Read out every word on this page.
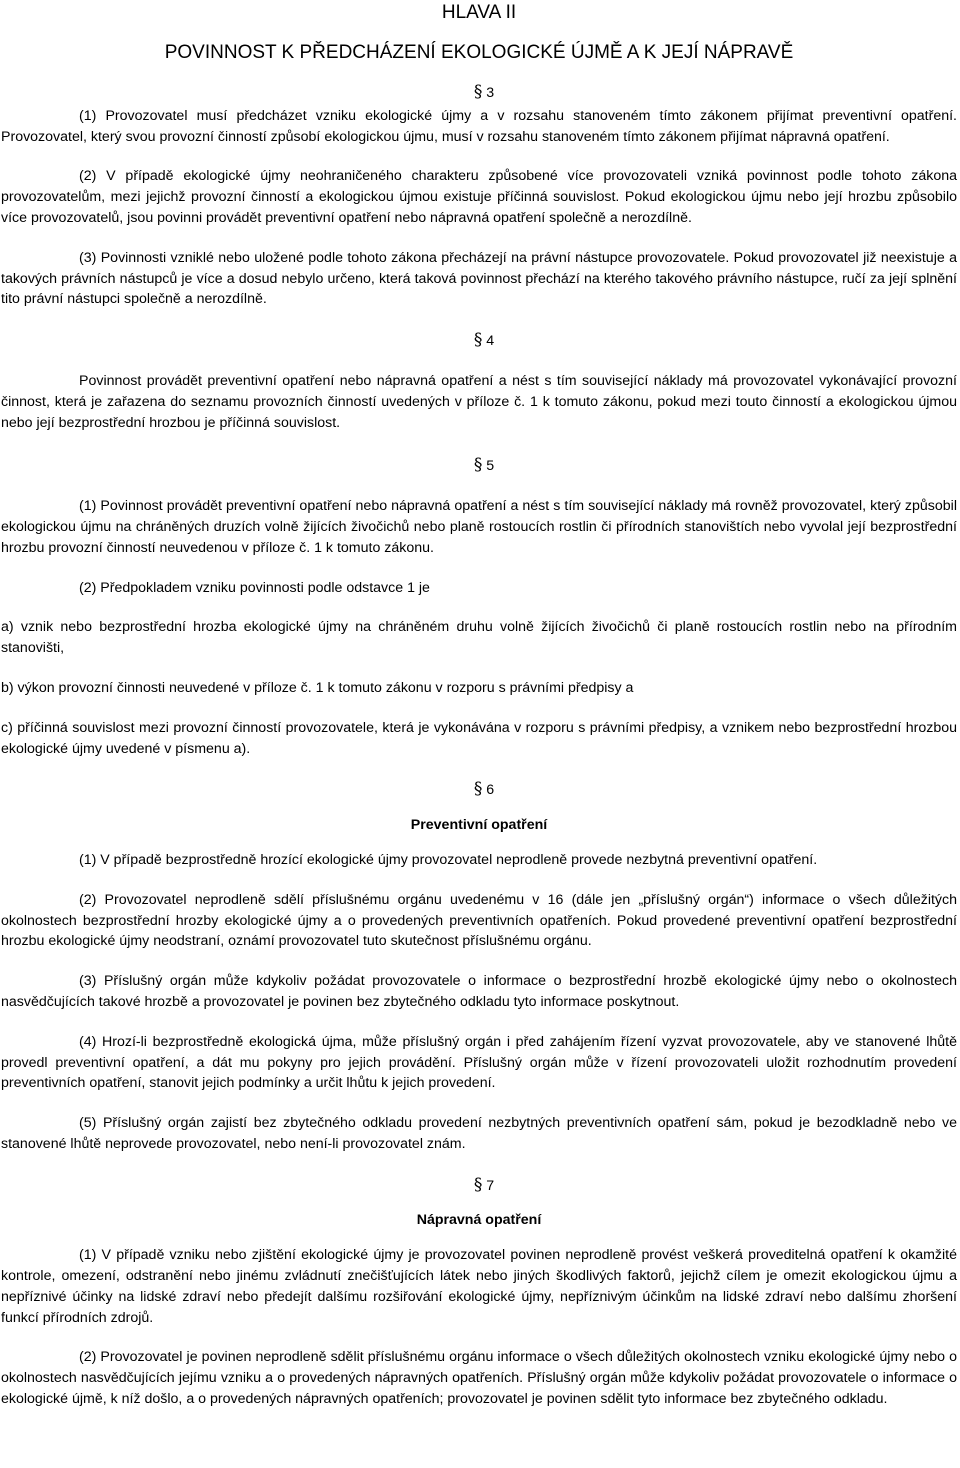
HLAVA II
POVINNOST K PŘEDCHÁZENÍ EKOLOGICKÉ ÚJMĚ A K JEJÍ NÁPRAVĚ
§ 3

(1) Provozovatel musí předcházet vzniku ekologické újmy a v rozsahu stanoveném tímto zákonem přijímat preventivní opatření. Provozovatel, který svou provozní činností způsobí ekologickou újmu, musí v rozsahu stanoveném tímto zákonem přijímat nápravná opatření.

(2) V případě ekologické újmy neohraničeného charakteru způsobené více provozovateli vzniká povinnost podle tohoto zákona provozovatelům, mezi jejichž provozní činností a ekologickou újmou existuje příčinná souvislost. Pokud ekologickou újmu nebo její hrozbu způsobilo více provozovatelů, jsou povinni provádět preventivní opatření nebo nápravná opatření společně a nerozdílně.

(3) Povinnosti vzniklé nebo uložené podle tohoto zákona přecházejí na právní nástupce provozovatele. Pokud provozovatel již neexistuje a takových právních nástupců je více a dosud nebylo určeno, která taková povinnost přechází na kterého takového právního nástupce, ručí za její splnění tito právní nástupci společně a nerozdílně.

§ 4

Povinnost provádět preventivní opatření nebo nápravná opatření a nést s tím související náklady má provozovatel vykonávající provozní činnost, která je zařazena do seznamu provozních činností uvedených v příloze č. 1 k tomuto zákonu, pokud mezi touto činností a ekologickou újmou nebo její bezprostřední hrozbou je příčinná souvislost.

§ 5

(1) Povinnost provádět preventivní opatření nebo nápravná opatření a nést s tím související náklady má rovněž provozovatel, který způsobil ekologickou újmu na chráněných druzích volně žijících živočichů nebo planě rostoucích rostlin či přírodních stanovištích nebo vyvolal její bezprostřední hrozbu provozní činností neuvedenou v příloze č. 1 k tomuto zákonu.

(2) Předpokladem vzniku povinnosti podle odstavce 1 je

a) vznik nebo bezprostřední hrozba ekologické újmy na chráněném druhu volně žijících živočichů či planě rostoucích rostlin nebo na přírodním stanovišti,

b) výkon provozní činnosti neuvedené v příloze č. 1 k tomuto zákonu v rozporu s právními předpisy a

c) příčinná souvislost mezi provozní činností provozovatele, která je vykonávána v rozporu s právními předpisy, a vznikem nebo bezprostřední hrozbou ekologické újmy uvedené v písmenu a).

§ 6
Preventivní opatření

(1) V případě bezprostředně hrozící ekologické újmy provozovatel neprodleně provede nezbytná preventivní opatření.

(2) Provozovatel neprodleně sdělí příslušnému orgánu uvedenému v 16 (dále jen „příslušný orgán“) informace o všech důležitých okolnostech bezprostřední hrozby ekologické újmy a o provedených preventivních opatřeních. Pokud provedené preventivní opatření bezprostřední hrozbu ekologické újmy neodstraní, oznámí provozovatel tuto skutečnost příslušnému orgánu.

(3) Příslušný orgán může kdykoliv požádat provozovatele o informace o bezprostřední hrozbě ekologické újmy nebo o okolnostech nasvědčujících takové hrozbě a provozovatel je povinen bez zbytečného odkladu tyto informace poskytnout.

(4) Hrozí-li bezprostředně ekologická újma, může příslušný orgán i před zahájením řízení vyzvat provozovatele, aby ve stanovené lhůtě provedl preventivní opatření, a dát mu pokyny pro jejich provádění. Příslušný orgán může v řízení provozovateli uložit rozhodnutím provedení preventivních opatření, stanovit jejich podmínky a určit lhůtu k jejich provedení.

(5) Příslušný orgán zajistí bez zbytečného odkladu provedení nezbytných preventivních opatření sám, pokud je bezodkladně nebo ve stanovené lhůtě neprovede provozovatel, nebo není-li provozovatel znám.

§ 7
Nápravná opatření

(1) V případě vzniku nebo zjištění ekologické újmy je provozovatel povinen neprodleně provést veškerá proveditelná opatření k okamžité kontrole, omezení, odstranění nebo jinému zvládnutí znečišťujících látek nebo jiných škodlivých faktorů, jejichž cílem je omezit ekologickou újmu a nepříznivé účinky na lidské zdraví nebo předejít dalšímu rozšiřování ekologické újmy, nepříznivým účinkům na lidské zdraví nebo dalšímu zhoršení funkcí přírodních zdrojů.

(2) Provozovatel je povinen neprodleně sdělit příslušnému orgánu informace o všech důležitých okolnostech vzniku ekologické újmy nebo o okolnostech nasvědčujících jejímu vzniku a o provedených nápravných opatřeních. Příslušný orgán může kdykoliv požádat provozovatele o informace o ekologické újmě, k níž došlo, a o provedených nápravných opatřeních; provozovatel je povinen sdělit tyto informace bez zbytečného odkladu.
